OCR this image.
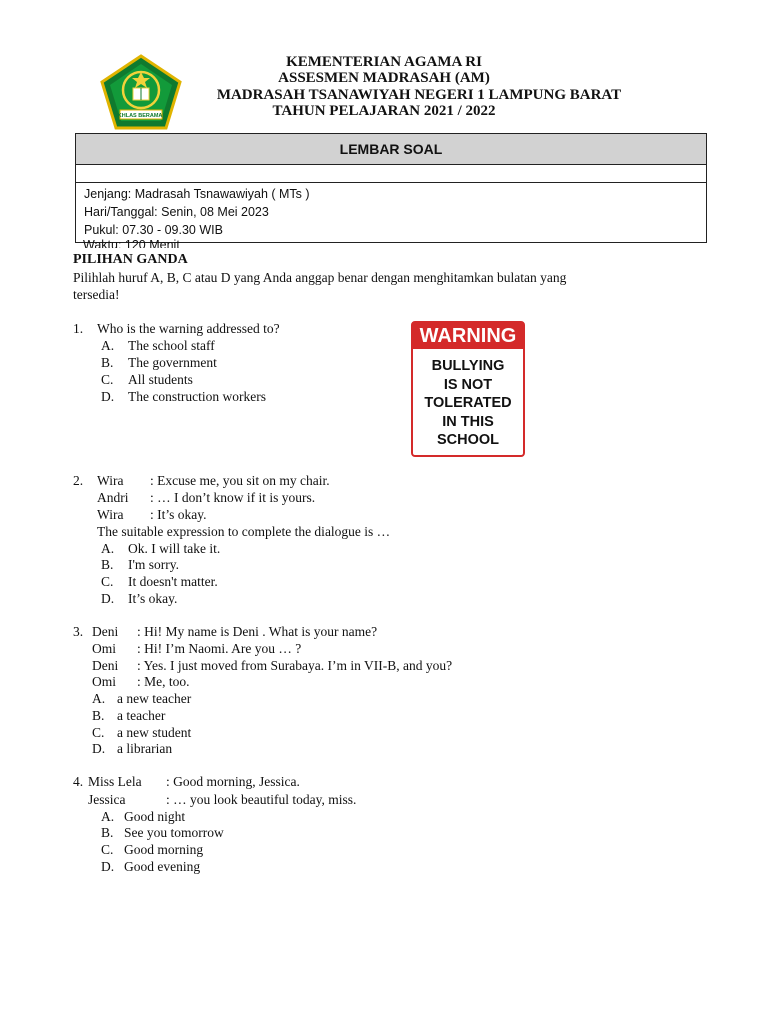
IKHLAS BERAMAL
KEMENTERIAN AGAMA RI
ASSESMEN MADRASAH (AM)
MADRASAH TSANAWIYAH NEGERI 1 LAMPUNG BARAT
TAHUN PELAJARAN 2021 / 2022
LEMBAR SOAL
Jenjang: Madrasah Tsnawawiyah ( MTs )
Hari/Tanggal: Senin, 08 Mei 2023
Pukul: 07.30 - 09.30 WIB
Waktu: 120 Menit
PILIHAN GANDA
Pilihlah huruf A, B, C atau D yang Anda anggap benar dengan menghitamkan bulatan yang
tersedia!
WARNING
BULLYING
IS NOT
TOLERATED
IN THIS
SCHOOL
1. Who is the warning addressed to?
A. The school staff
B. The government
C. All students
D. The construction workers
2. Wira : Excuse me, you sit on my chair.
Andri : … I don’t know if it is yours.
Wira : It’s okay.
The suitable expression to complete the dialogue is …
A. Ok. I will take it.
B. I'm sorry.
C. It doesn't matter.
D. It’s okay.
3. Deni : Hi! My name is Deni . What is your name?
Omi : Hi! I’m Naomi. Are you … ?
Deni : Yes. I just moved from Surabaya. I’m in VII-B, and you?
Omi : Me, too.
A. a new teacher
B. a teacher
C. a new student
D. a librarian
4. Miss Lela : Good morning, Jessica.
Jessica	: … you look beautiful today, miss.
A. Good night
B. See you tomorrow
C. Good morning
D. Good evening
